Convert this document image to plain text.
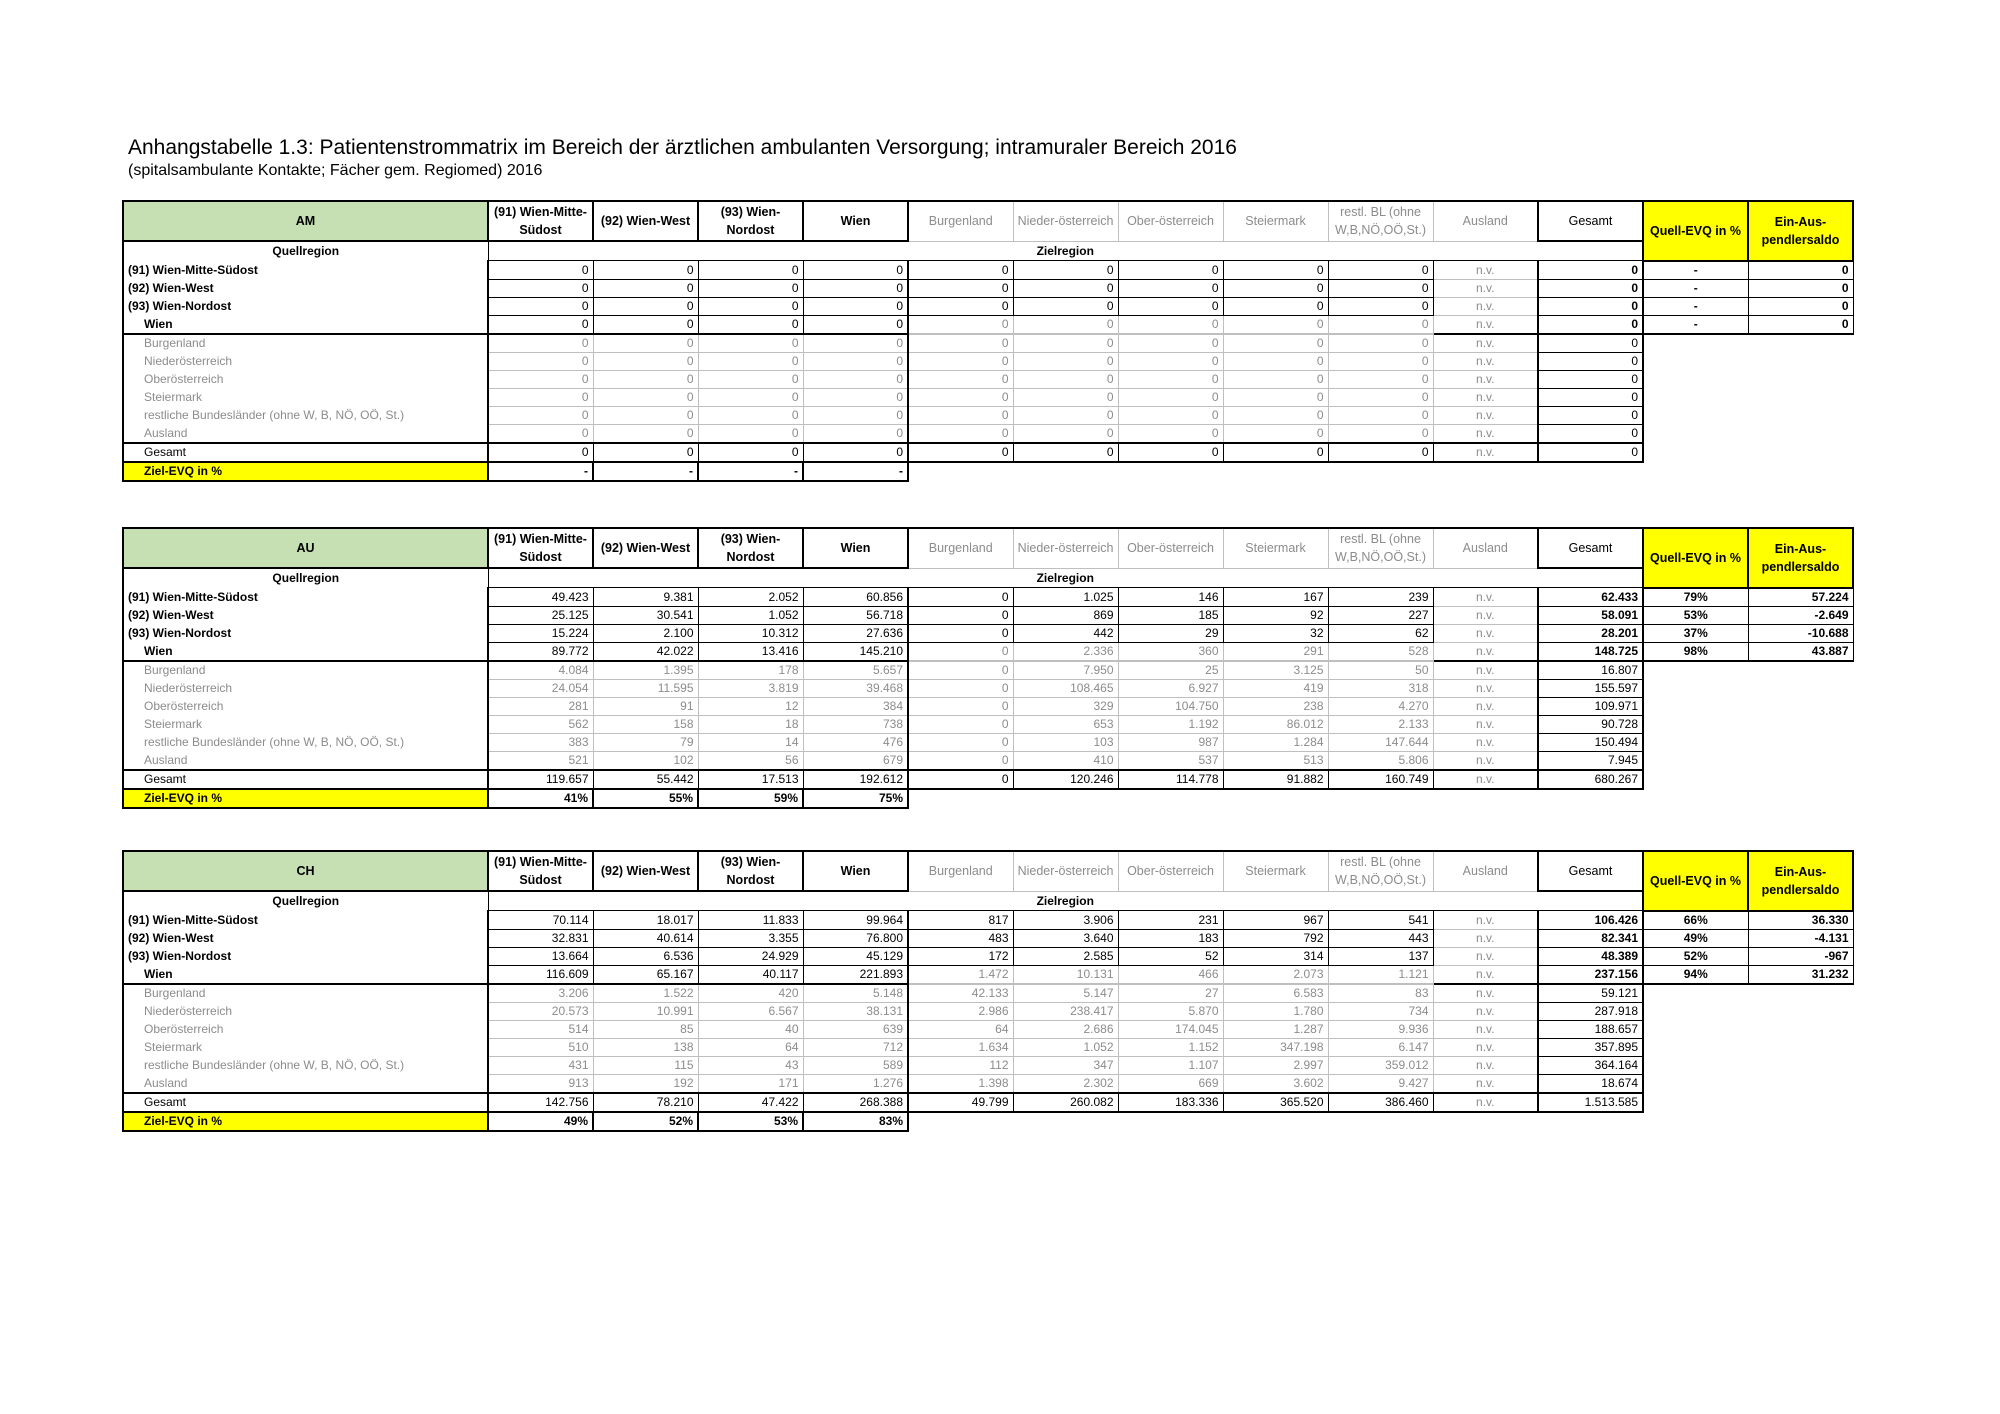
Anhangstabelle 1.3: Patientenstrommatrix im Bereich der ärztlichen ambulanten Versorgung; intramuraler Bereich 2016
(spitalsambulante Kontakte; Fächer gem. Regiomed) 2016
AM	(91) Wien-Mitte-Südost	(92) Wien-West	(93) Wien-Nordost	Wien	Burgenland	Nieder-österreich	Ober-österreich	Steiermark	restl. BL (ohne W,B,NÖ,OÖ,St.)	Ausland	Gesamt	Quell-EVQ in %	Ein-Aus-pendlersaldo
Quellregion	Zielregion												
(91) Wien-Mitte-Südost	0	0	0	0	0	0	0	0	0	n.v.	0	-	0
(92) Wien-West	0	0	0	0	0	0	0	0	0	n.v.	0	-	0
(93) Wien-Nordost	0	0	0	0	0	0	0	0	0	n.v.	0	-	0
Wien	0	0	0	0	0	0	0	0	0	n.v.	0	-	0
Burgenland	0	0	0	0	0	0	0	0	0	n.v.	0		
Niederösterreich	0	0	0	0	0	0	0	0	0	n.v.	0		
Oberösterreich	0	0	0	0	0	0	0	0	0	n.v.	0		
Steiermark	0	0	0	0	0	0	0	0	0	n.v.	0		
restliche Bundesländer (ohne W, B, NÖ, OÖ, St.)	0	0	0	0	0	0	0	0	0	n.v.	0		
Ausland	0	0	0	0	0	0	0	0	0	n.v.	0		
Gesamt	0	0	0	0	0	0	0	0	0	n.v.	0		
Ziel-EVQ in %	-	-	-	-									
AU	(91) Wien-Mitte-Südost	(92) Wien-West	(93) Wien-Nordost	Wien	Burgenland	Nieder-österreich	Ober-österreich	Steiermark	restl. BL (ohne W,B,NÖ,OÖ,St.)	Ausland	Gesamt	Quell-EVQ in %	Ein-Aus-pendlersaldo
Quellregion	Zielregion												
(91) Wien-Mitte-Südost	49.423	9.381	2.052	60.856	0	1.025	146	167	239	n.v.	62.433	79%	57.224
(92) Wien-West	25.125	30.541	1.052	56.718	0	869	185	92	227	n.v.	58.091	53%	-2.649
(93) Wien-Nordost	15.224	2.100	10.312	27.636	0	442	29	32	62	n.v.	28.201	37%	-10.688
Wien	89.772	42.022	13.416	145.210	0	2.336	360	291	528	n.v.	148.725	98%	43.887
Burgenland	4.084	1.395	178	5.657	0	7.950	25	3.125	50	n.v.	16.807		
Niederösterreich	24.054	11.595	3.819	39.468	0	108.465	6.927	419	318	n.v.	155.597		
Oberösterreich	281	91	12	384	0	329	104.750	238	4.270	n.v.	109.971		
Steiermark	562	158	18	738	0	653	1.192	86.012	2.133	n.v.	90.728		
restliche Bundesländer (ohne W, B, NÖ, OÖ, St.)	383	79	14	476	0	103	987	1.284	147.644	n.v.	150.494		
Ausland	521	102	56	679	0	410	537	513	5.806	n.v.	7.945		
Gesamt	119.657	55.442	17.513	192.612	0	120.246	114.778	91.882	160.749	n.v.	680.267		
Ziel-EVQ in %	41%	55%	59%	75%									
CH	(91) Wien-Mitte-Südost	(92) Wien-West	(93) Wien-Nordost	Wien	Burgenland	Nieder-österreich	Ober-österreich	Steiermark	restl. BL (ohne W,B,NÖ,OÖ,St.)	Ausland	Gesamt	Quell-EVQ in %	Ein-Aus-pendlersaldo
Quellregion	Zielregion												
(91) Wien-Mitte-Südost	70.114	18.017	11.833	99.964	817	3.906	231	967	541	n.v.	106.426	66%	36.330
(92) Wien-West	32.831	40.614	3.355	76.800	483	3.640	183	792	443	n.v.	82.341	49%	-4.131
(93) Wien-Nordost	13.664	6.536	24.929	45.129	172	2.585	52	314	137	n.v.	48.389	52%	-967
Wien	116.609	65.167	40.117	221.893	1.472	10.131	466	2.073	1.121	n.v.	237.156	94%	31.232
Burgenland	3.206	1.522	420	5.148	42.133	5.147	27	6.583	83	n.v.	59.121		
Niederösterreich	20.573	10.991	6.567	38.131	2.986	238.417	5.870	1.780	734	n.v.	287.918		
Oberösterreich	514	85	40	639	64	2.686	174.045	1.287	9.936	n.v.	188.657		
Steiermark	510	138	64	712	1.634	1.052	1.152	347.198	6.147	n.v.	357.895		
restliche Bundesländer (ohne W, B, NÖ, OÖ, St.)	431	115	43	589	112	347	1.107	2.997	359.012	n.v.	364.164		
Ausland	913	192	171	1.276	1.398	2.302	669	3.602	9.427	n.v.	18.674		
Gesamt	142.756	78.210	47.422	268.388	49.799	260.082	183.336	365.520	386.460	n.v.	1.513.585		
Ziel-EVQ in %	49%	52%	53%	83%									
